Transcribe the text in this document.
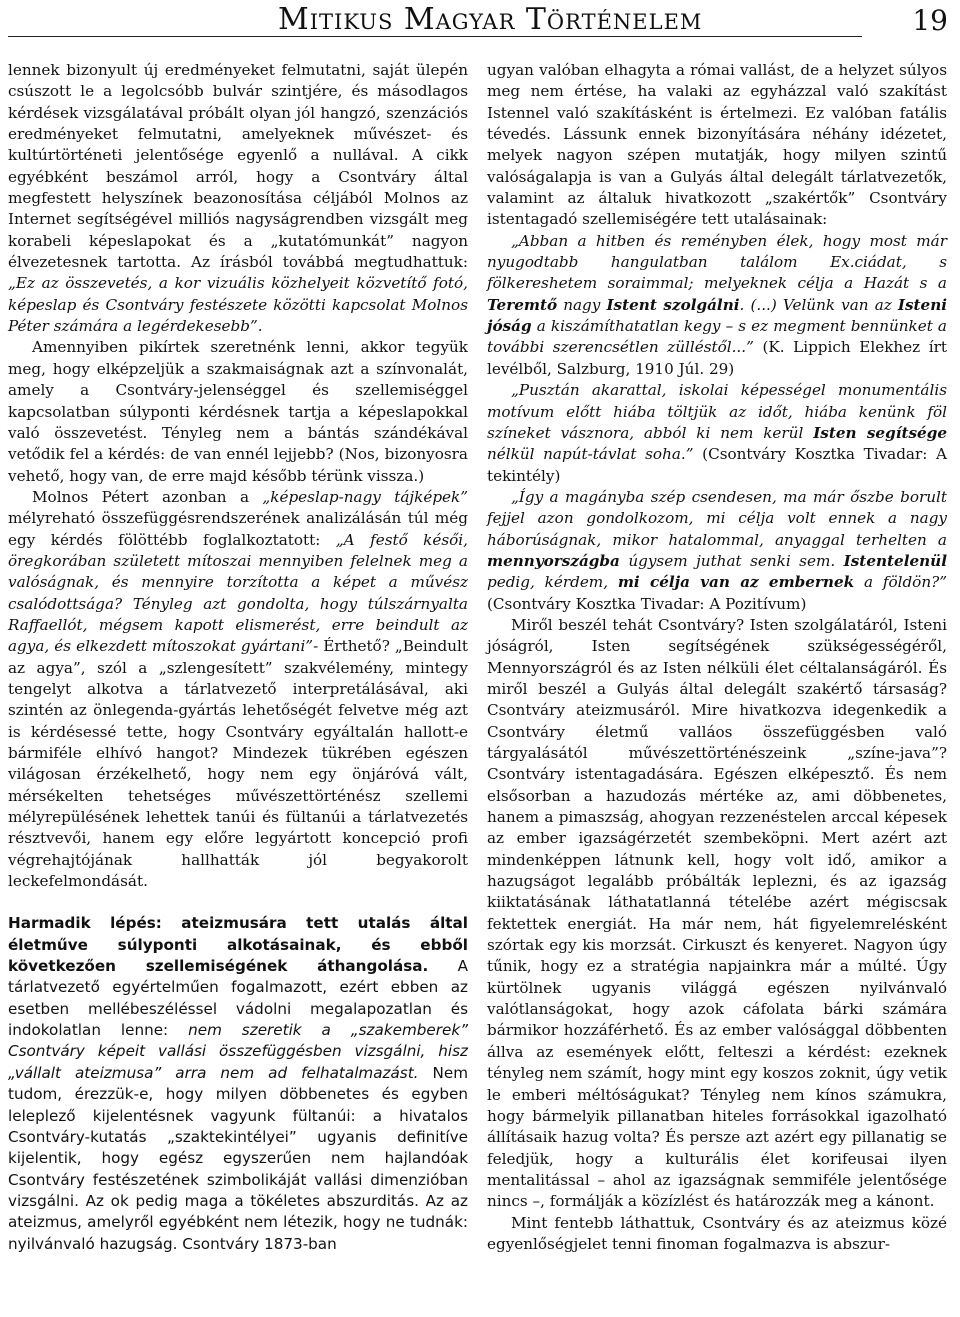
Mitikus Magyar Történelem	19

lennek bizonyult új eredményeket felmutatni, saját ülepén csúszott le a legolcsóbb bulvár szintjére, és másodlagos kérdések vizsgálatával próbált olyan jól hangzó, szenzációs eredményeket felmutatni, amelyeknek művészet- és kultúrtörténeti jelentősége egyenlő a nullával. A cikk egyébként beszámol arról, hogy a Csontváry által megfestett helyszínek beazonosítása céljából Molnos az Internet segítségével milliós nagyságrendben vizsgált meg korabeli képeslapokat és a „kutatómunkát” nagyon élvezetesnek tartotta. Az írásból továbbá megtudhattuk: „Ez az összevetés, a kor vizuális közhelyeit közvetítő fotó, képeslap és Csontváry festészete közötti kapcsolat Molnos Péter számára a legérdekesebb”.

Amennyiben pikírtek szeretnénk lenni, akkor tegyük meg, hogy elképzeljük a szakmaiságnak azt a színvonalát, amely a Csontváry-jelenséggel és szellemiséggel kapcsolatban súlyponti kérdésnek tartja a képeslapokkal való összevetést. Tényleg nem a bántás szándékával vetődik fel a kérdés: de van ennél lejjebb? (Nos, bizonyosra vehető, hogy van, de erre majd később térünk vissza.)

Molnos Pétert azonban a „képeslap-nagy tájképek” mélyreható összefüggésrendszerének analizálásán túl még egy kérdés fölöttébb foglalkoztatott: „A festő késői, öregkorában született mítoszai mennyiben felelnek meg a valóságnak, és mennyire torzította a képet a művész csalódottsága? Tényleg azt gondolta, hogy túlszárnyalta Raffaellót, mégsem kapott elismerést, erre beindult az agya, és elkezdett mítoszokat gyártani”- Érthető? „Beindult az agya”, szól a „szlengesített” szakvélemény, mintegy tengelyt alkotva a tárlatvezető interpretálásával, aki szintén az önlegenda-gyártás lehetőségét felvetve még azt is kérdésessé tette, hogy Csontváry egyáltalán hallott-e bármiféle elhívó hangot? Mindezek tükrében egészen világosan érzékelhető, hogy nem egy önjáróvá vált, mérsékelten tehetséges művészettörténész szellemi mélyrepülésének lehettek tanúi és fültanúi a tárlatvezetés résztvevői, hanem egy előre legyártott koncepció profi végrehajtójának hallhatták jól begyakorolt leckefelmondását.

Harmadik lépés: ateizmusára tett utalás által életműve súlyponti alkotásainak, és ebből következően szellemiségének áthangolása. A tárlatvezető egyértelműen fogalmazott, ezért ebben az esetben mellébeszéléssel vádolni megalapozatlan és indokolatlan lenne: nem szeretik a „szakemberek” Csontváry képeit vallási összefüggésben vizsgálni, hisz „vállalt ateizmusa” arra nem ad felhatalmazást. Nem tudom, érezzük-e, hogy milyen döbbenetes és egyben leleplező kijelentésnek vagyunk fültanúi: a hivatalos Csontváry-kutatás „szaktekintélyei” ugyanis definitíve kijelentik, hogy egész egyszerűen nem hajlandóak Csontváry festészetének szimbolikáját vallási dimenzióban vizsgálni. Az ok pedig maga a tökéletes abszurditás. Az az ateizmus, amelyről egyébként nem létezik, hogy ne tudnák: nyilvánvaló hazugság. Csontváry 1873-ban

ugyan valóban elhagyta a római vallást, de a helyzet súlyos meg nem értése, ha valaki az egyházzal való szakítást Istennel való szakításként is értelmezi. Ez valóban fatális tévedés. Lássunk ennek bizonyítására néhány idézetet, melyek nagyon szépen mutatják, hogy milyen szintű valóságalapja is van a Gulyás által delegált tárlatvezetők, valamint az általuk hivatkozott „szakértők” Csontváry istentagadó szellemiségére tett utalásainak:

„Abban a hitben és reményben élek, hogy most már nyugodtabb hangulatban találom Ex.ciádat, s fölkereshetem soraimmal; melyeknek célja a Hazát s a Teremtő nagy Istent szolgálni. (...) Velünk van az Isteni jóság a kiszámíthatatlan kegy – s ez megment bennünket a további szerencsétlen zülléstől...” (K. Lippich Elekhez írt levélből, Salzburg, 1910 Júl. 29)

„Pusztán akarattal, iskolai képességel monumentális motívum előtt hiába töltjük az időt, hiába kenünk föl színeket vásznora, abból ki nem kerül Isten segítsége nélkül napút-távlat soha.” (Csontváry Kosztka Tivadar: A tekintély)

„Így a magányba szép csendesen, ma már őszbe borult fejjel azon gondolkozom, mi célja volt ennek a nagy háborúságnak, mikor hatalommal, anyaggal terhelten a mennyországba úgysem juthat senki sem. Istentelenül pedig, kérdem, mi célja van az embernek a földön?” (Csontváry Kosztka Tivadar: A Pozitívum)

Miről beszél tehát Csontváry? Isten szolgálatáról, Isteni jóságról, Isten segítségének szükségességéről, Mennyországról és az Isten nélküli élet céltalanságáról. És miről beszél a Gulyás által delegált szakértő társaság? Csontváry ateizmusáról. Mire hivatkozva idegenkedik a Csontváry életmű valláos összefüggésben való tárgyalásától művészettörténészeink „színe-java”? Csontváry istentagadására. Egészen elképesztő. És nem elsősorban a hazudozás mértéke az, ami döbbenetes, hanem a pimaszság, ahogyan rezzenéstelen arccal képesek az ember igazságérzetét szembeköpni. Mert azért azt mindenképpen látnunk kell, hogy volt idő, amikor a hazugságot legalább próbálták leplezni, és az igazság kiiktatásának láthatatlanná tételébe azért mégiscsak fektettek energiát. Ha már nem, hát figyelemrelésként szórtak egy kis morzsát. Cirkuszt és kenyeret. Nagyon úgy tűnik, hogy ez a stratégia napjainkra már a múlté. Úgy kürtölnek ugyanis világgá egészen nyilvánvaló valótlanságokat, hogy azok cáfolata bárki számára bármikor hozzáférhető. És az ember valósággal döbbenten állva az események előtt, felteszi a kérdést: ezeknek tényleg nem számít, hogy mint egy koszos zoknit, úgy vetik le emberi méltóságukat? Tényleg nem kínos számukra, hogy bármelyik pillanatban hiteles forrásokkal igazolható állításaik hazug volta? És persze azt azért egy pillanatig se feledjük, hogy a kulturális élet korifeusai ilyen mentalitással – ahol az igazságnak semmiféle jelentősége nincs –, formálják a közízlést és határozzák meg a kánont.

Mint fentebb láthattuk, Csontváry és az ateizmus közé egyenlőségjelet tenni finoman fogalmazva is abszur-
